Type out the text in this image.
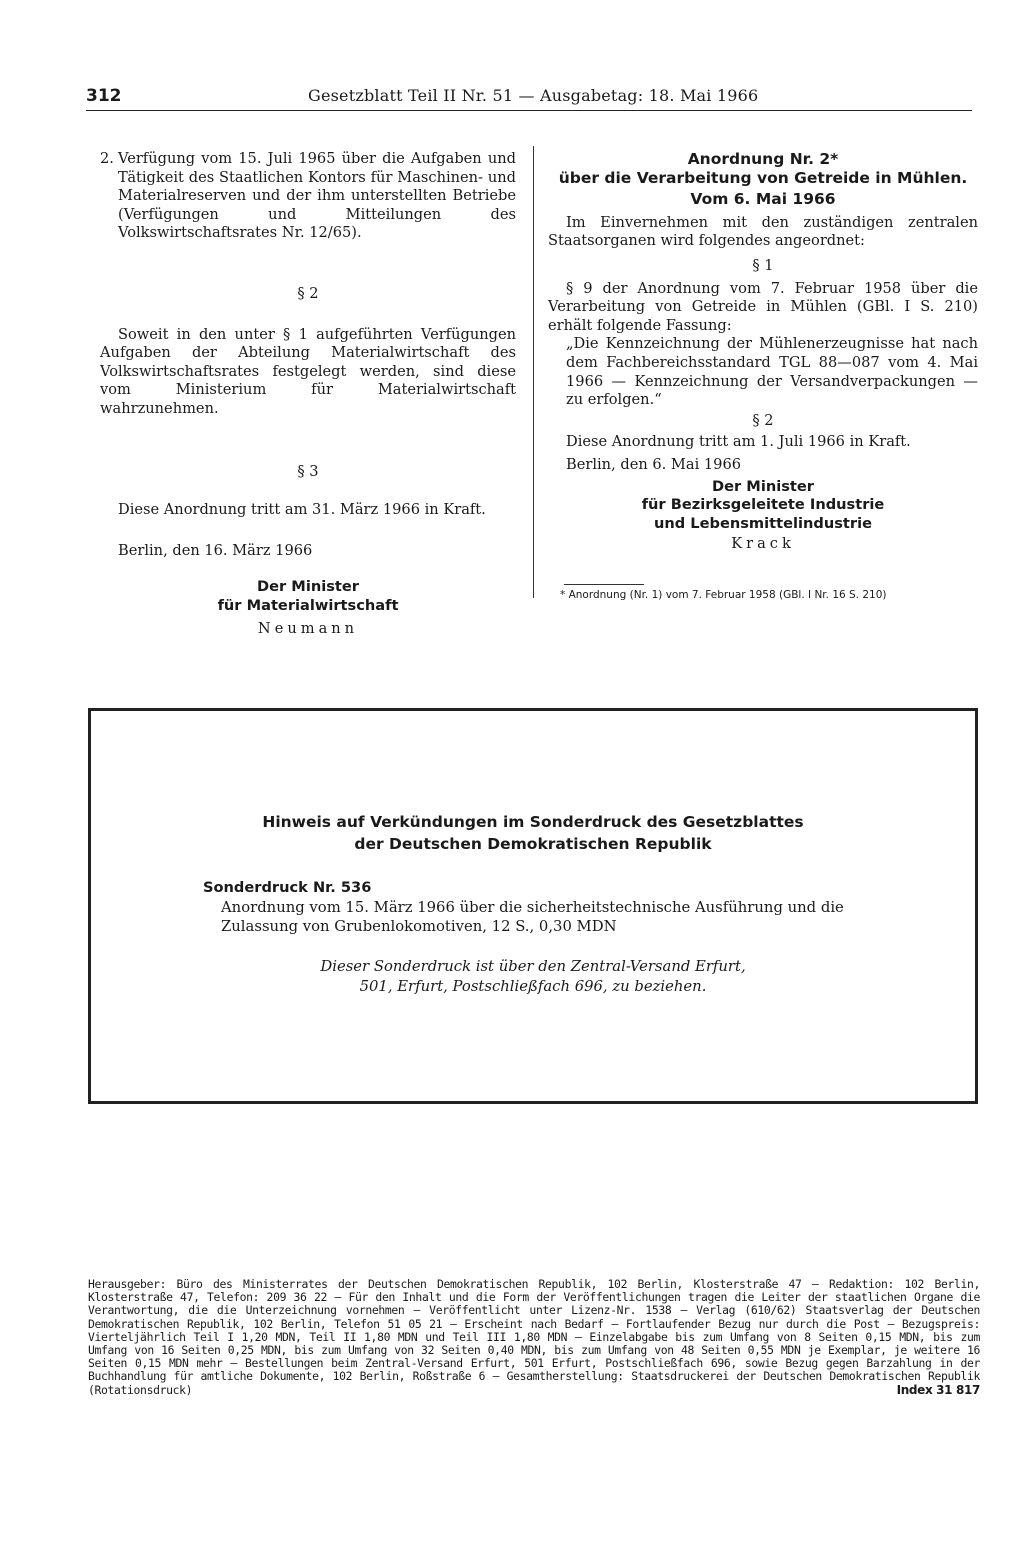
312	Gesetzblatt Teil II Nr. 51 — Ausgabetag: 18. Mai 1966
2. Verfügung vom 15. Juli 1965 über die Aufgaben und Tätigkeit des Staatlichen Kontors für Maschinen- und Materialreserven und der ihm unterstellten Betriebe (Verfügungen und Mitteilungen des Volkswirtschaftsrates Nr. 12/65).

§ 2

Soweit in den unter § 1 aufgeführten Verfügungen Aufgaben der Abteilung Materialwirtschaft des Volkswirtschaftsrates festgelegt werden, sind diese vom Ministerium für Materialwirtschaft wahrzunehmen.

§ 3

Diese Anordnung tritt am 31. März 1966 in Kraft.

Berlin, den 16. März 1966

Der Minister

für Materialwirtschaft

Neumann

Anordnung Nr. 2*

über die Verarbeitung von Getreide in Mühlen.

Vom 6. Mai 1966

Im Einvernehmen mit den zuständigen zentralen Staatsorganen wird folgendes angeordnet:

§ 1

§ 9 der Anordnung vom 7. Februar 1958 über die Verarbeitung von Getreide in Mühlen (GBl. I S. 210) erhält folgende Fassung:

„Die Kennzeichnung der Mühlenerzeugnisse hat nach dem Fachbereichsstandard TGL 88—087 vom 4. Mai 1966 — Kennzeichnung der Versandverpackungen — zu erfolgen.“

§ 2

Diese Anordnung tritt am 1. Juli 1966 in Kraft.

Berlin, den 6. Mai 1966

Der Minister

für Bezirksgeleitete Industrie

und Lebensmittelindustrie

Krack

* Anordnung (Nr. 1) vom 7. Februar 1958 (GBl. I Nr. 16 S. 210)
Hinweis auf Verkündungen im Sonderdruck des Gesetzblattes
der Deutschen Demokratischen Republik
Sonderdruck Nr. 536
Anordnung vom 15. März 1966 über die sicherheitstechnische Ausführung und die Zulassung von Grubenlokomotiven, 12 S., 0,30 MDN
Dieser Sonderdruck ist über den Zentral-Versand Erfurt,
501, Erfurt, Postschließfach 696, zu beziehen.
Herausgeber: Büro des Ministerrates der Deutschen Demokratischen Republik, 102 Berlin, Klosterstraße 47 — Redaktion: 102 Berlin, Klosterstraße 47, Telefon: 209 36 22 — Für den Inhalt und die Form der Veröffentlichungen tragen die Leiter der staatlichen Organe die Verantwortung, die die Unterzeichnung vornehmen — Veröffentlicht unter Lizenz-Nr. 1538 — Verlag (610/62) Staatsverlag der Deutschen Demokratischen Republik, 102 Berlin, Telefon 51 05 21 — Erscheint nach Bedarf — Fortlaufender Bezug nur durch die Post — Bezugspreis: Vierteljährlich Teil I 1,20 MDN, Teil II 1,80 MDN und Teil III 1,80 MDN — Einzelabgabe bis zum Umfang von 8 Seiten 0,15 MDN, bis zum Umfang von 16 Seiten 0,25 MDN, bis zum Umfang von 32 Seiten 0,40 MDN, bis zum Umfang von 48 Seiten 0,55 MDN je Exemplar, je weitere 16 Seiten 0,15 MDN mehr — Bestellungen beim Zentral-Versand Erfurt, 501 Erfurt, Postschließfach 696, sowie Bezug gegen Barzahlung in der Buchhandlung für amtliche Dokumente, 102 Berlin, Roßstraße 6 — Gesamtherstellung: Staatsdruckerei der Deutschen Demokratischen Republik (Rotationsdruck)	Index 31 817
